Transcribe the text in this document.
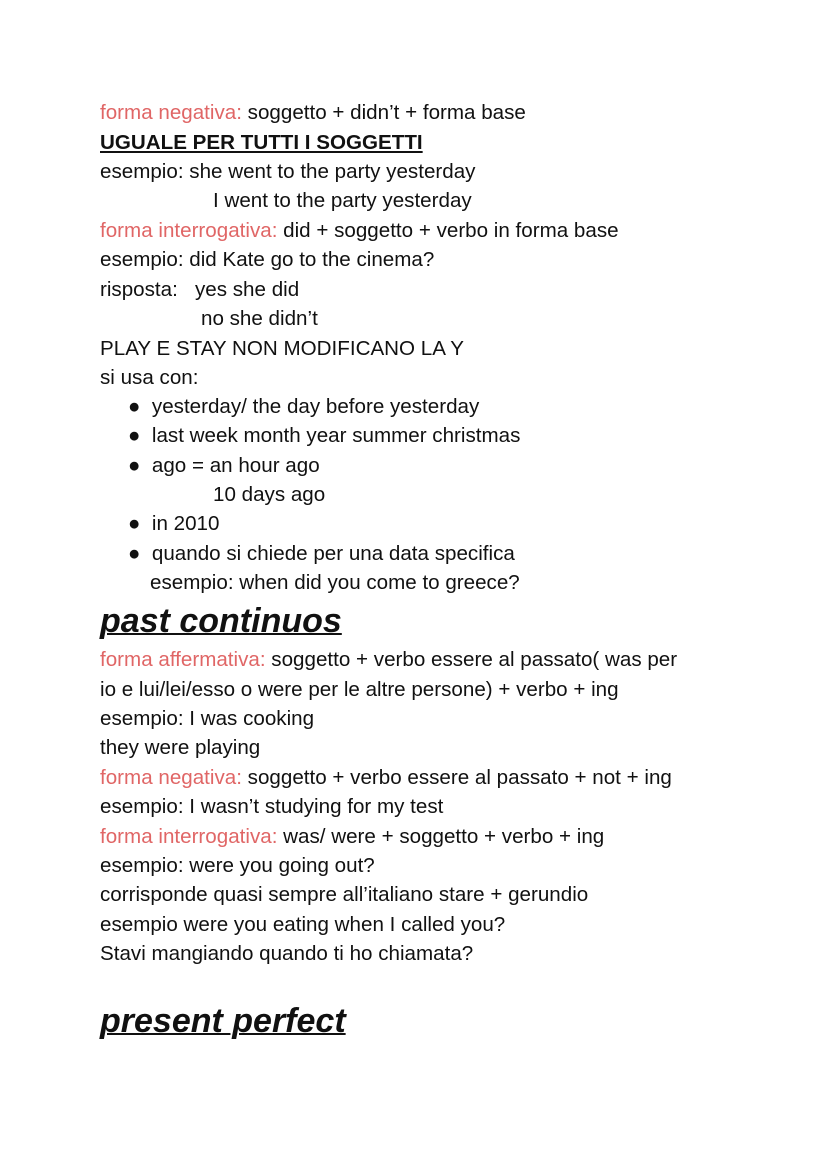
forma negativa: soggetto + didn’t + forma base
UGUALE PER TUTTI I SOGGETTI
esempio: she went to the party yesterday
I went to the party yesterday
forma interrogativa: did + soggetto + verbo in forma base
esempio: did Kate go to the cinema?
risposta:   yes she did
no she didn’t
PLAY E STAY NON MODIFICANO LA Y
si usa con:
●  yesterday/ the day before yesterday
●  last week month year summer christmas
●  ago = an hour ago
10 days ago
●  in 2010
●  quando si chiede per una data specifica
esempio: when did you come to greece?
past continuos
forma affermativa: soggetto + verbo essere al passato( was per
io e lui/lei/esso o were per le altre persone) + verbo + ing
esempio: I was cooking
they were playing
forma negativa: soggetto + verbo essere al passato + not + ing
esempio: I wasn’t studying for my test
forma interrogativa: was/ were + soggetto + verbo + ing
esempio: were you going out?
corrisponde quasi sempre all’italiano stare + gerundio
esempio were you eating when I called you?
Stavi mangiando quando ti ho chiamata?
present perfect
